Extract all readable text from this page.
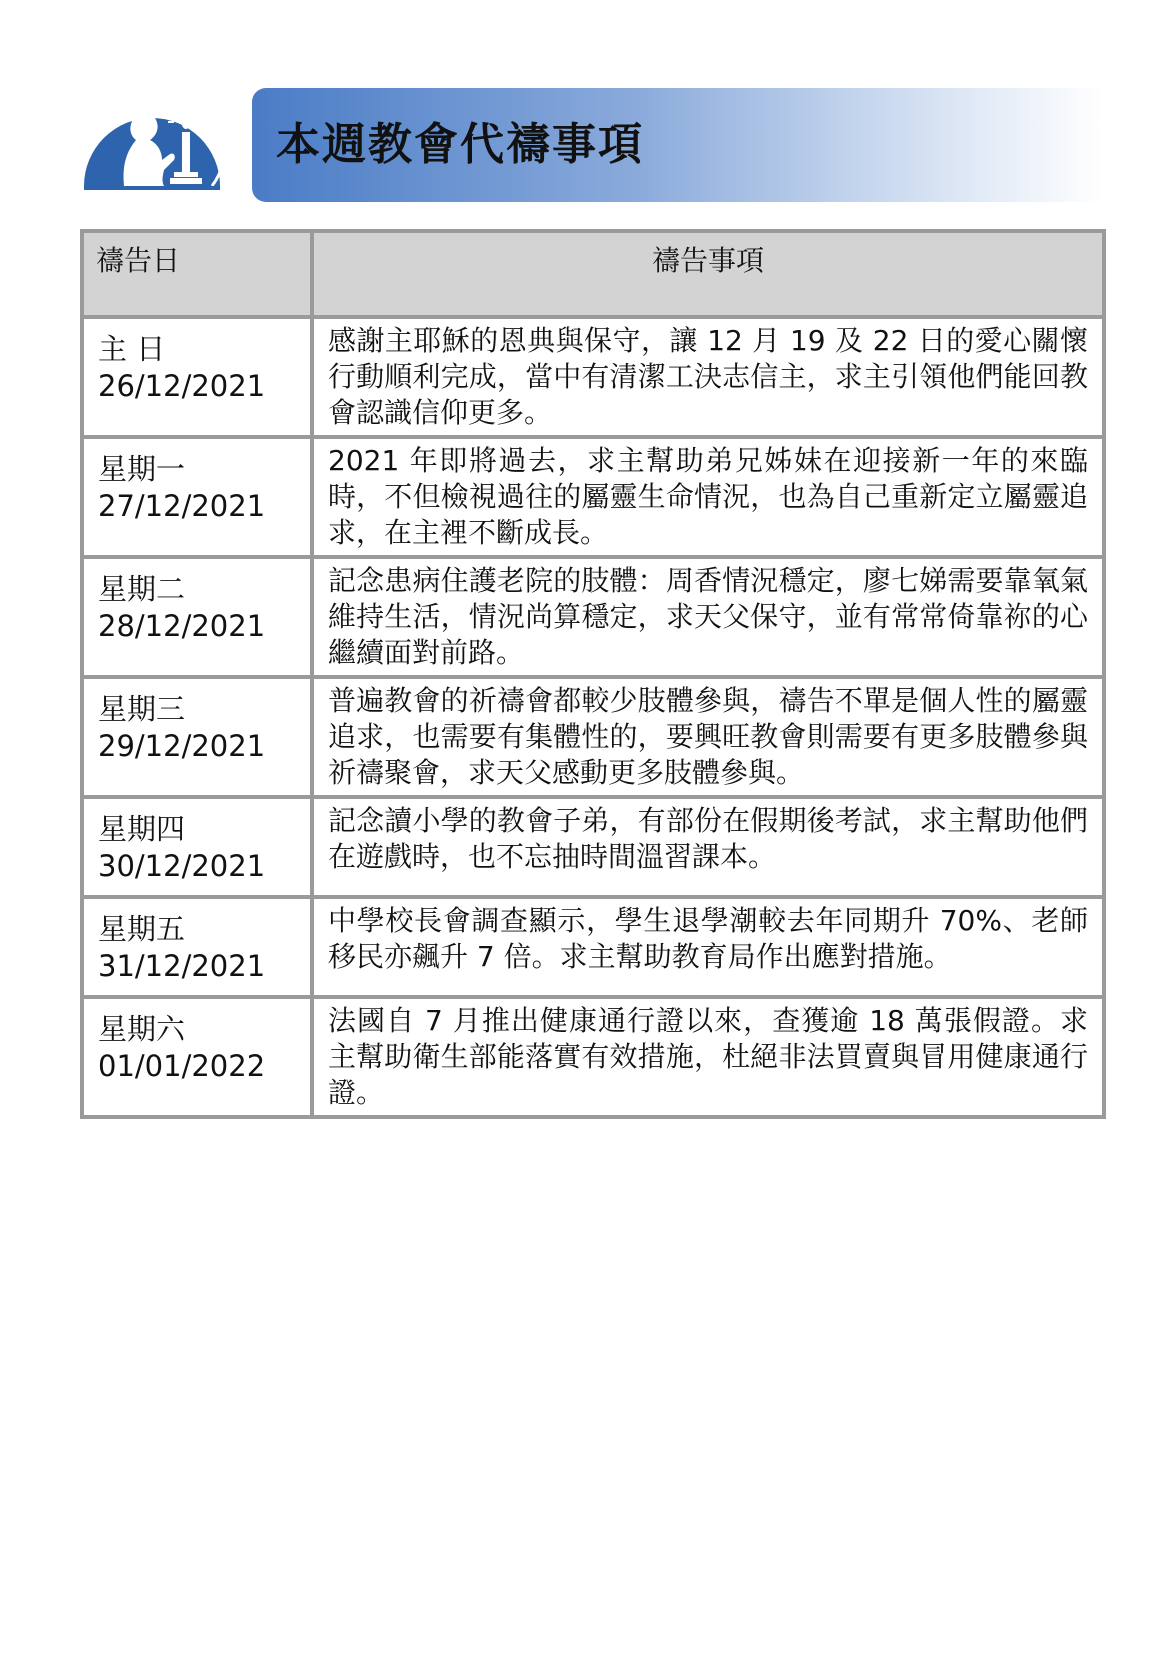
本週教會代禱事項
禱告日	禱告事項

主 日
26/12/2021	感謝主耶穌的恩典與保守，讓 12 月 19 及 22 日的愛心關懷行動順利完成，當中有清潔工決志信主，求主引領他們能回教會認識信仰更多。

星期一
27/12/2021	2021 年即將過去，求主幫助弟兄姊妹在迎接新一年的來臨時，不但檢視過往的屬靈生命情況，也為自己重新定立屬靈追求，在主裡不斷成長。

星期二
28/12/2021	記念患病住護老院的肢體：周香情況穩定，廖七娣需要靠氧氣維持生活，情況尚算穩定，求天父保守，並有常常倚靠祢的心繼續面對前路。

星期三
29/12/2021	普遍教會的祈禱會都較少肢體參與，禱告不單是個人性的屬靈追求，也需要有集體性的，要興旺教會則需要有更多肢體參與祈禱聚會，求天父感動更多肢體參與。

星期四
30/12/2021	記念讀小學的教會子弟，有部份在假期後考試，求主幫助他們在遊戲時，也不忘抽時間溫習課本。

星期五
31/12/2021	中學校長會調查顯示，學生退學潮較去年同期升 70%、老師移民亦飆升 7 倍。求主幫助教育局作出應對措施。

星期六
01/01/2022	法國自 7 月推出健康通行證以來，查獲逾 18 萬張假證。求主幫助衛生部能落實有效措施，杜絕非法買賣與冒用健康通行證。
